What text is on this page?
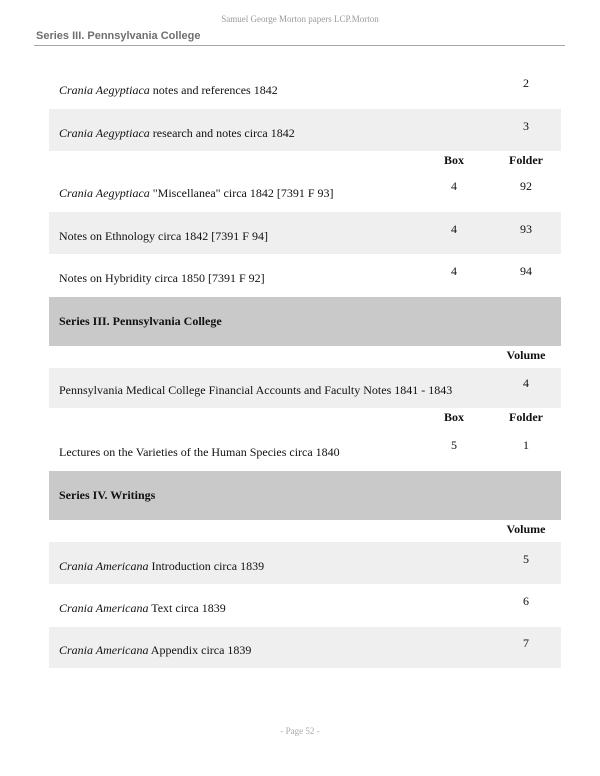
Samuel George Morton papers LCP.Morton
Series III. Pennsylvania College
Crania Aegyptiaca notes and references 1842	2
Crania Aegyptiaca research and notes circa 1842	3
Box	Folder
Crania Aegyptiaca "Miscellanea" circa 1842 [7391 F 93]	4	92
Notes on Ethnology circa 1842 [7391 F 94]	4	93
Notes on Hybridity circa 1850 [7391 F 92]	4	94
Series III. Pennsylvania College
Volume
Pennsylvania Medical College Financial Accounts and Faculty Notes 1841 - 1843	4
Box	Folder
Lectures on the Varieties of the Human Species circa 1840	5	1
Series IV. Writings
Volume
Crania Americana Introduction circa 1839	5
Crania Americana Text circa 1839	6
Crania Americana Appendix circa 1839	7
- Page 52 -
